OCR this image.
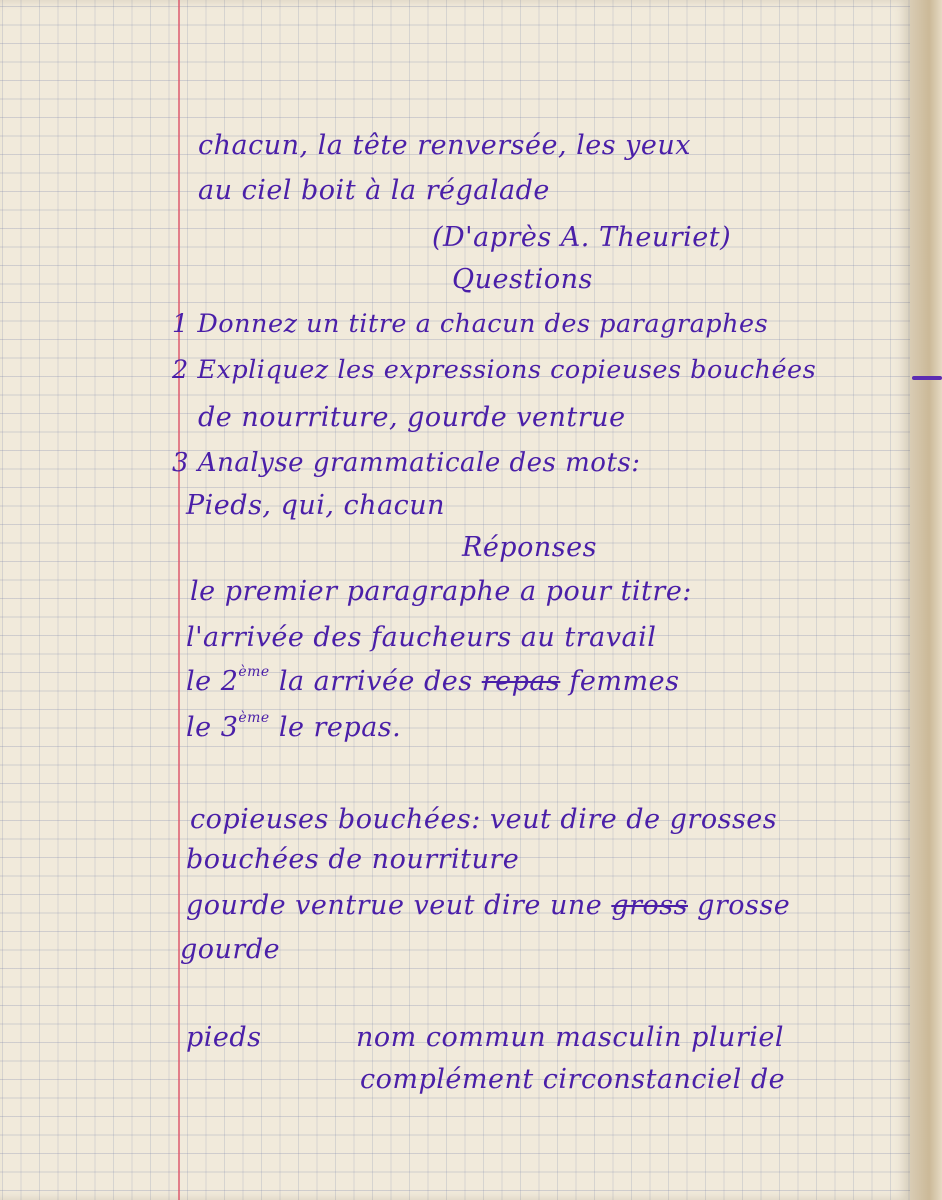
chacun, la tête renversée, les yeux
au ciel boit à la régalade
(D'après A. Theuriet)
Questions
1 Donnez un titre a chacun des paragraphes
2 Expliquez les expressions copieuses bouchées
de nourriture, gourde ventrue
3 Analyse grammaticale des mots:
Pieds, qui, chacun
Réponses
le premier paragraphe a pour titre:
l'arrivée des faucheurs au travail
le 2ème la arrivée des repas femmes
le 3ème le repas.
copieuses bouchées: veut dire de grosses
bouchées de nourriture
gourde ventrue veut dire une gross grosse
gourde
pieds	nom commun masculin pluriel
complément circonstanciel de
